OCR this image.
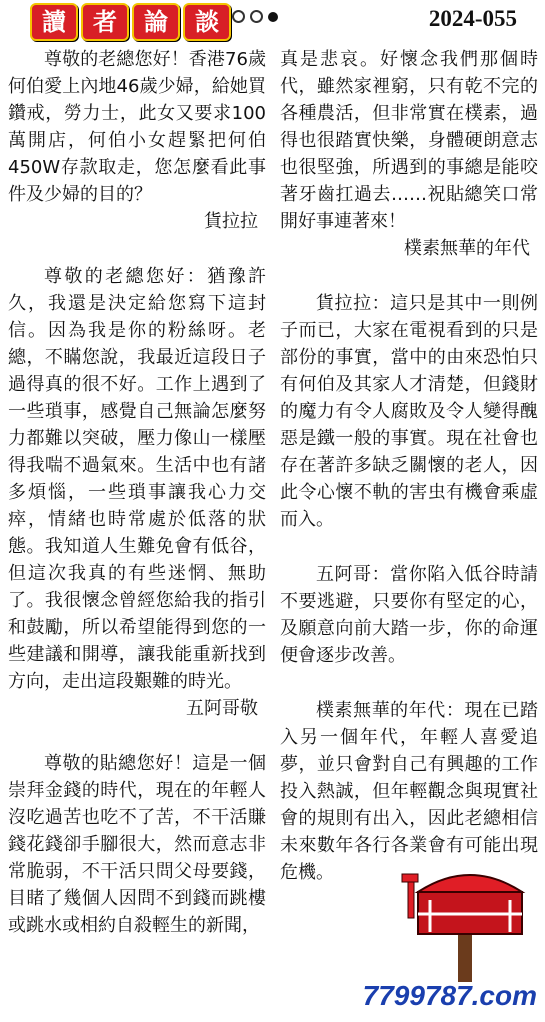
讀	者	論	談	2024-055

尊敬的老總您好！香港76歲何伯愛上內地46歲少婦，給她買鑽戒，勞力士，此女又要求100萬開店，何伯小女趕緊把何伯450W存款取走，您怎麼看此事件及少婦的目的？

貨拉拉

尊敬的老總您好：猶豫許久，我還是決定給您寫下這封信。因為我是你的粉絲呀。老總，不瞞您說，我最近這段日子過得真的很不好。工作上遇到了一些瑣事，感覺自己無論怎麼努力都難以突破，壓力像山一樣壓得我喘不過氣來。生活中也有諸多煩惱，一些瑣事讓我心力交瘁，情緒也時常處於低落的狀態。我知道人生難免會有低谷，但這次我真的有些迷惘、無助了。我很懷念曾經您給我的指引和鼓勵，所以希望能得到您的一些建議和開導，讓我能重新找到方向，走出這段艱難的時光。

五阿哥敬

尊敬的貼總您好！這是一個崇拜金錢的時代，現在的年輕人沒吃過苦也吃不了苦，不干活賺錢花錢卻手腳很大，然而意志非常脆弱，不干活只問父母要錢，目睹了幾個人因問不到錢而跳樓或跳水或相約自殺輕生的新聞，

真是悲哀。好懷念我們那個時代，雖然家裡窮，只有乾不完的各種農活，但非常實在樸素，過得也很踏實快樂，身體硬朗意志也很堅強，所遇到的事總是能咬著牙齒扛過去……祝貼總笑口常開好事連著來！

樸素無華的年代

貨拉拉：這只是其中一則例子而已，大家在電視看到的只是部份的事實，當中的由來恐怕只有何伯及其家人才清楚，但錢財的魔力有令人腐敗及令人變得醜惡是鐵一般的事實。現在社會也存在著許多缺乏關懷的老人，因此令心懷不軌的害虫有機會乘虛而入。

五阿哥：當你陷入低谷時請不要逃避，只要你有堅定的心，及願意向前大踏一步，你的命運便會逐步改善。

樸素無華的年代：現在已踏入另一個年代，年輕人喜愛追夢，並只會對自己有興趣的工作投入熱誠，但年輕觀念與現實社會的規則有出入，因此老總相信未來數年各行各業會有可能出現危機。

7799787.com
